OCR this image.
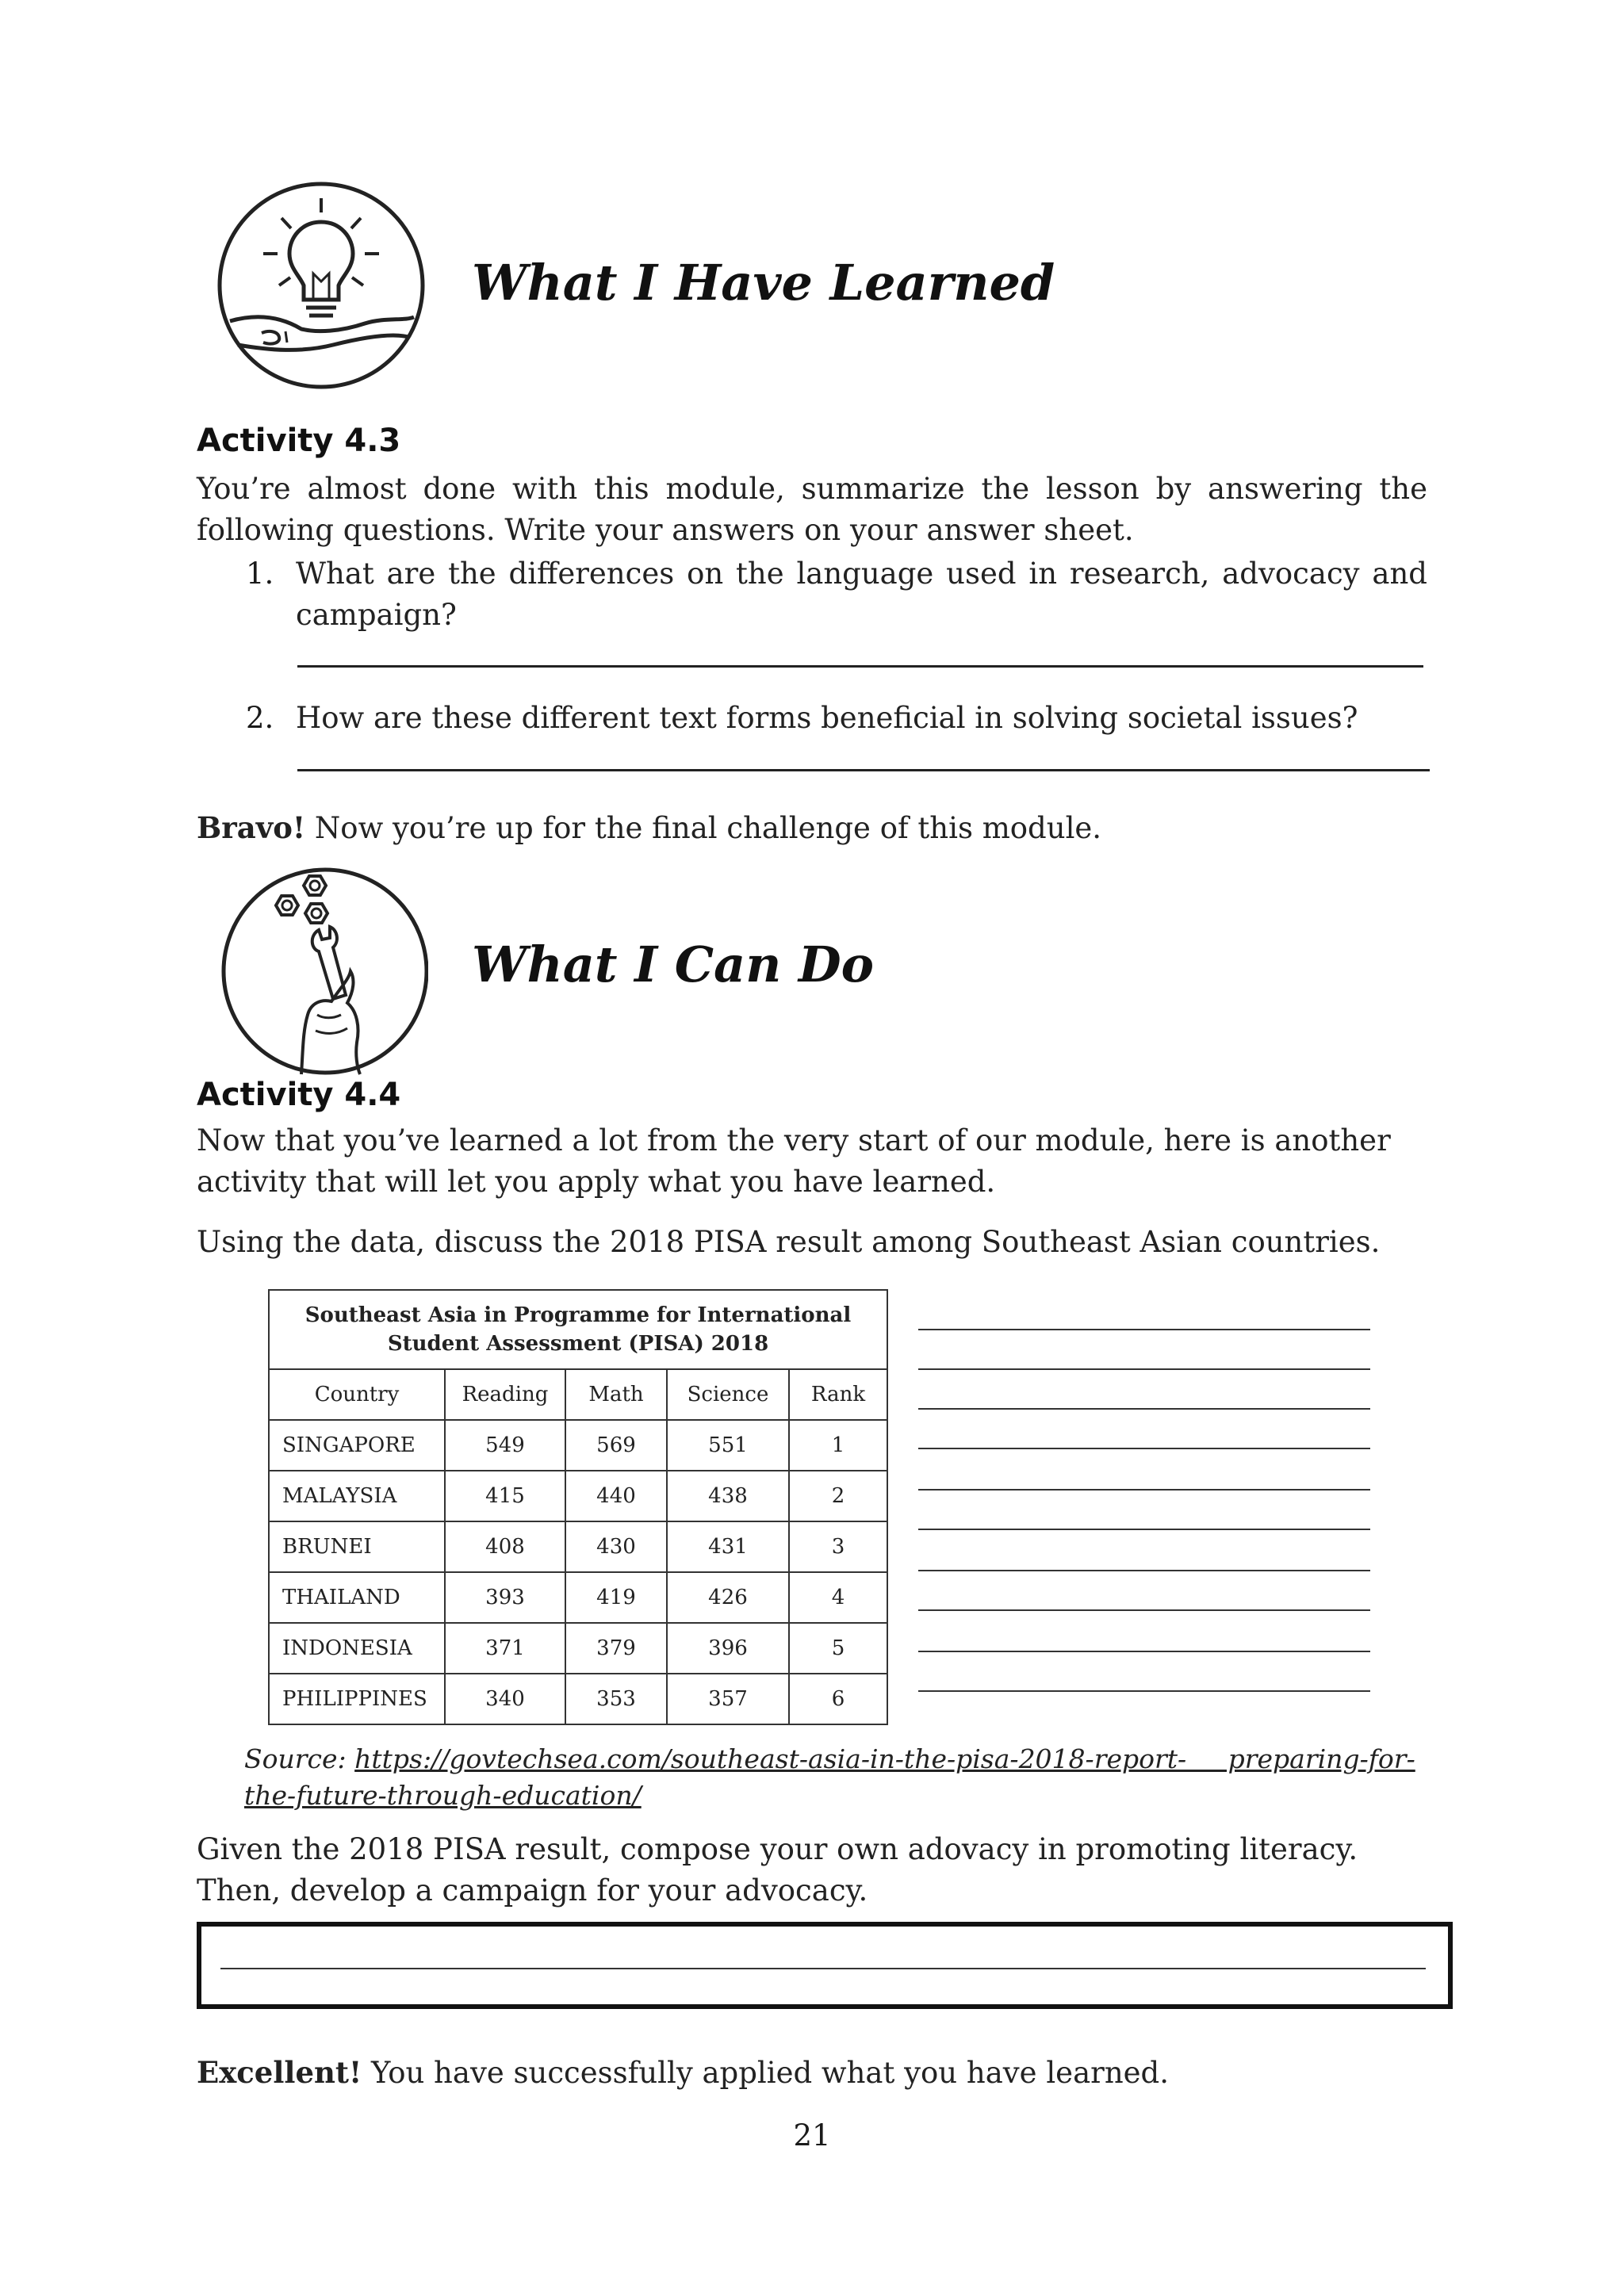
What I Have Learned
Activity 4.3
You’re almost done with this module, summarize the lesson by answering the
following questions. Write your answers on your answer sheet.
1. What are the differences on the language used in research, advocacy and
campaign?
2. How are these different text forms beneficial in solving societal issues?
Bravo! Now you’re up for the final challenge of this module.
What I Can Do
Activity 4.4
Now that you’ve learned a lot from the very start of our module, here is another
activity that will let you apply what you have learned.
Using the data, discuss the 2018 PISA result among Southeast Asian countries.
Southeast Asia in Programme for International
Student Assessment (PISA) 2018				

Country	Reading	Math	Science	Rank
SINGAPORE	549	569	551	1
MALAYSIA	415	440	438	2
BRUNEI	408	430	431	3
THAILAND	393	419	426	4
INDONESIA	371	379	396	5
PHILIPPINES	340	353	357	6
Source: https://govtechsea.com/southeast-asia-in-the-pisa-2018-report-     preparing-for-
the-future-through-education/
Given the 2018 PISA result, compose your own adovacy in promoting literacy.
Then, develop a campaign for your advocacy.
Excellent! You have successfully applied what you have learned.
21
